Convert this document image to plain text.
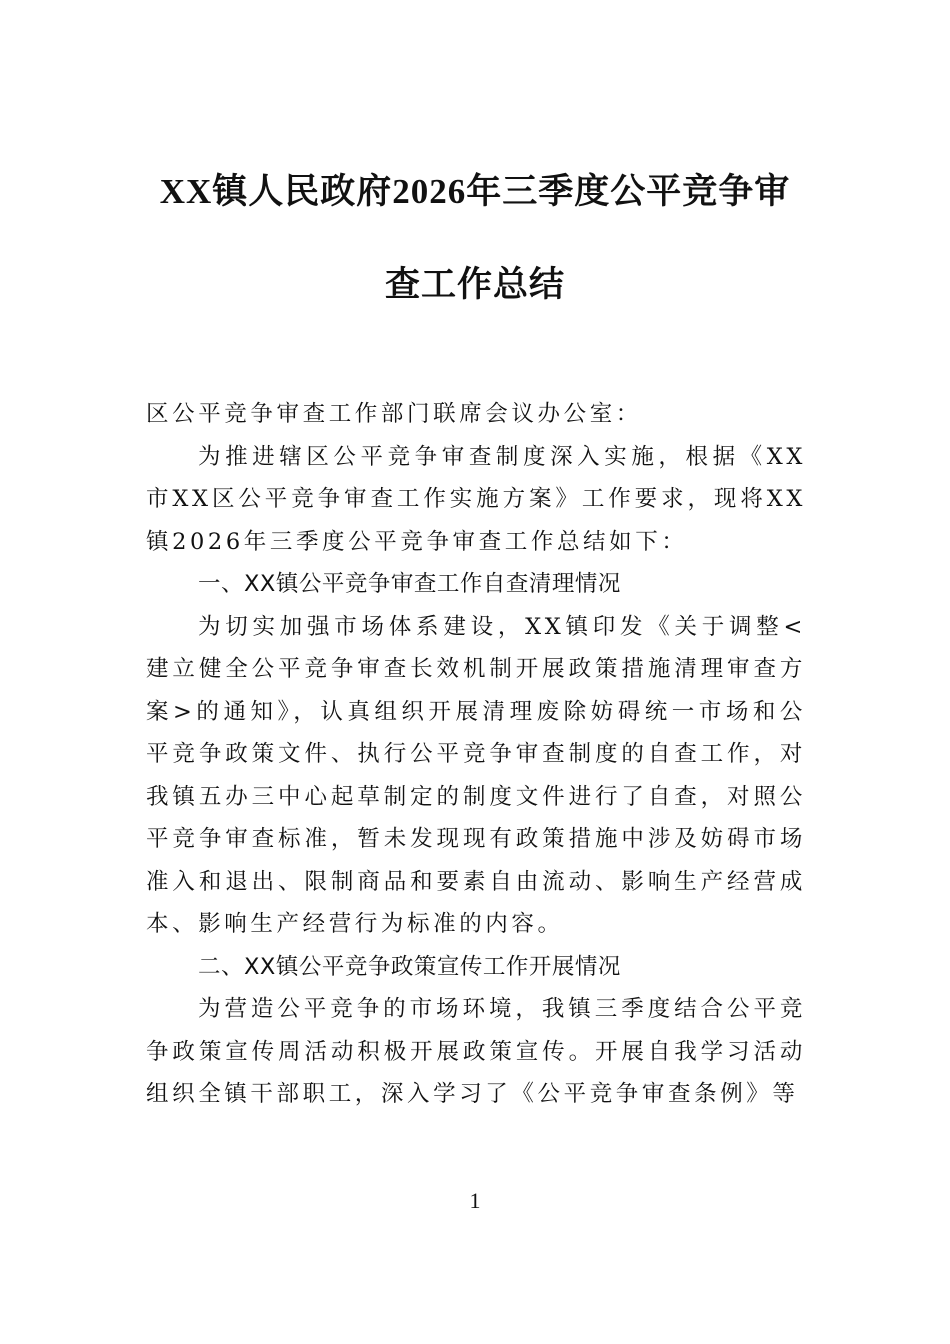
XX镇人民政府2026年三季度公平竞争审
查工作总结

区公平竞争审查工作部门联席会议办公室：

为推进辖区公平竞争审查制度深入实施，根据《XX市XX区公平竞争审查工作实施方案》工作要求，现将XX镇2026年三季度公平竞争审查工作总结如下：

一、XX镇公平竞争审查工作自查清理情况

为切实加强市场体系建设，XX镇印发《关于调整<建立健全公平竞争审查长效机制开展政策措施清理审查方案>的通知》，认真组织开展清理废除妨碍统一市场和公平竞争政策文件、执行公平竞争审查制度的自查工作，对我镇五办三中心起草制定的制度文件进行了自查，对照公平竞争审查标准，暂未发现现有政策措施中涉及妨碍市场准入和退出、限制商品和要素自由流动、影响生产经营成本、影响生产经营行为标准的内容。

二、XX镇公平竞争政策宣传工作开展情况

为营造公平竞争的市场环境，我镇三季度结合公平竞争政策宣传周活动积极开展政策宣传。开展自我学习活动组织全镇干部职工，深入学习了《公平竞争审查条例》等

1
